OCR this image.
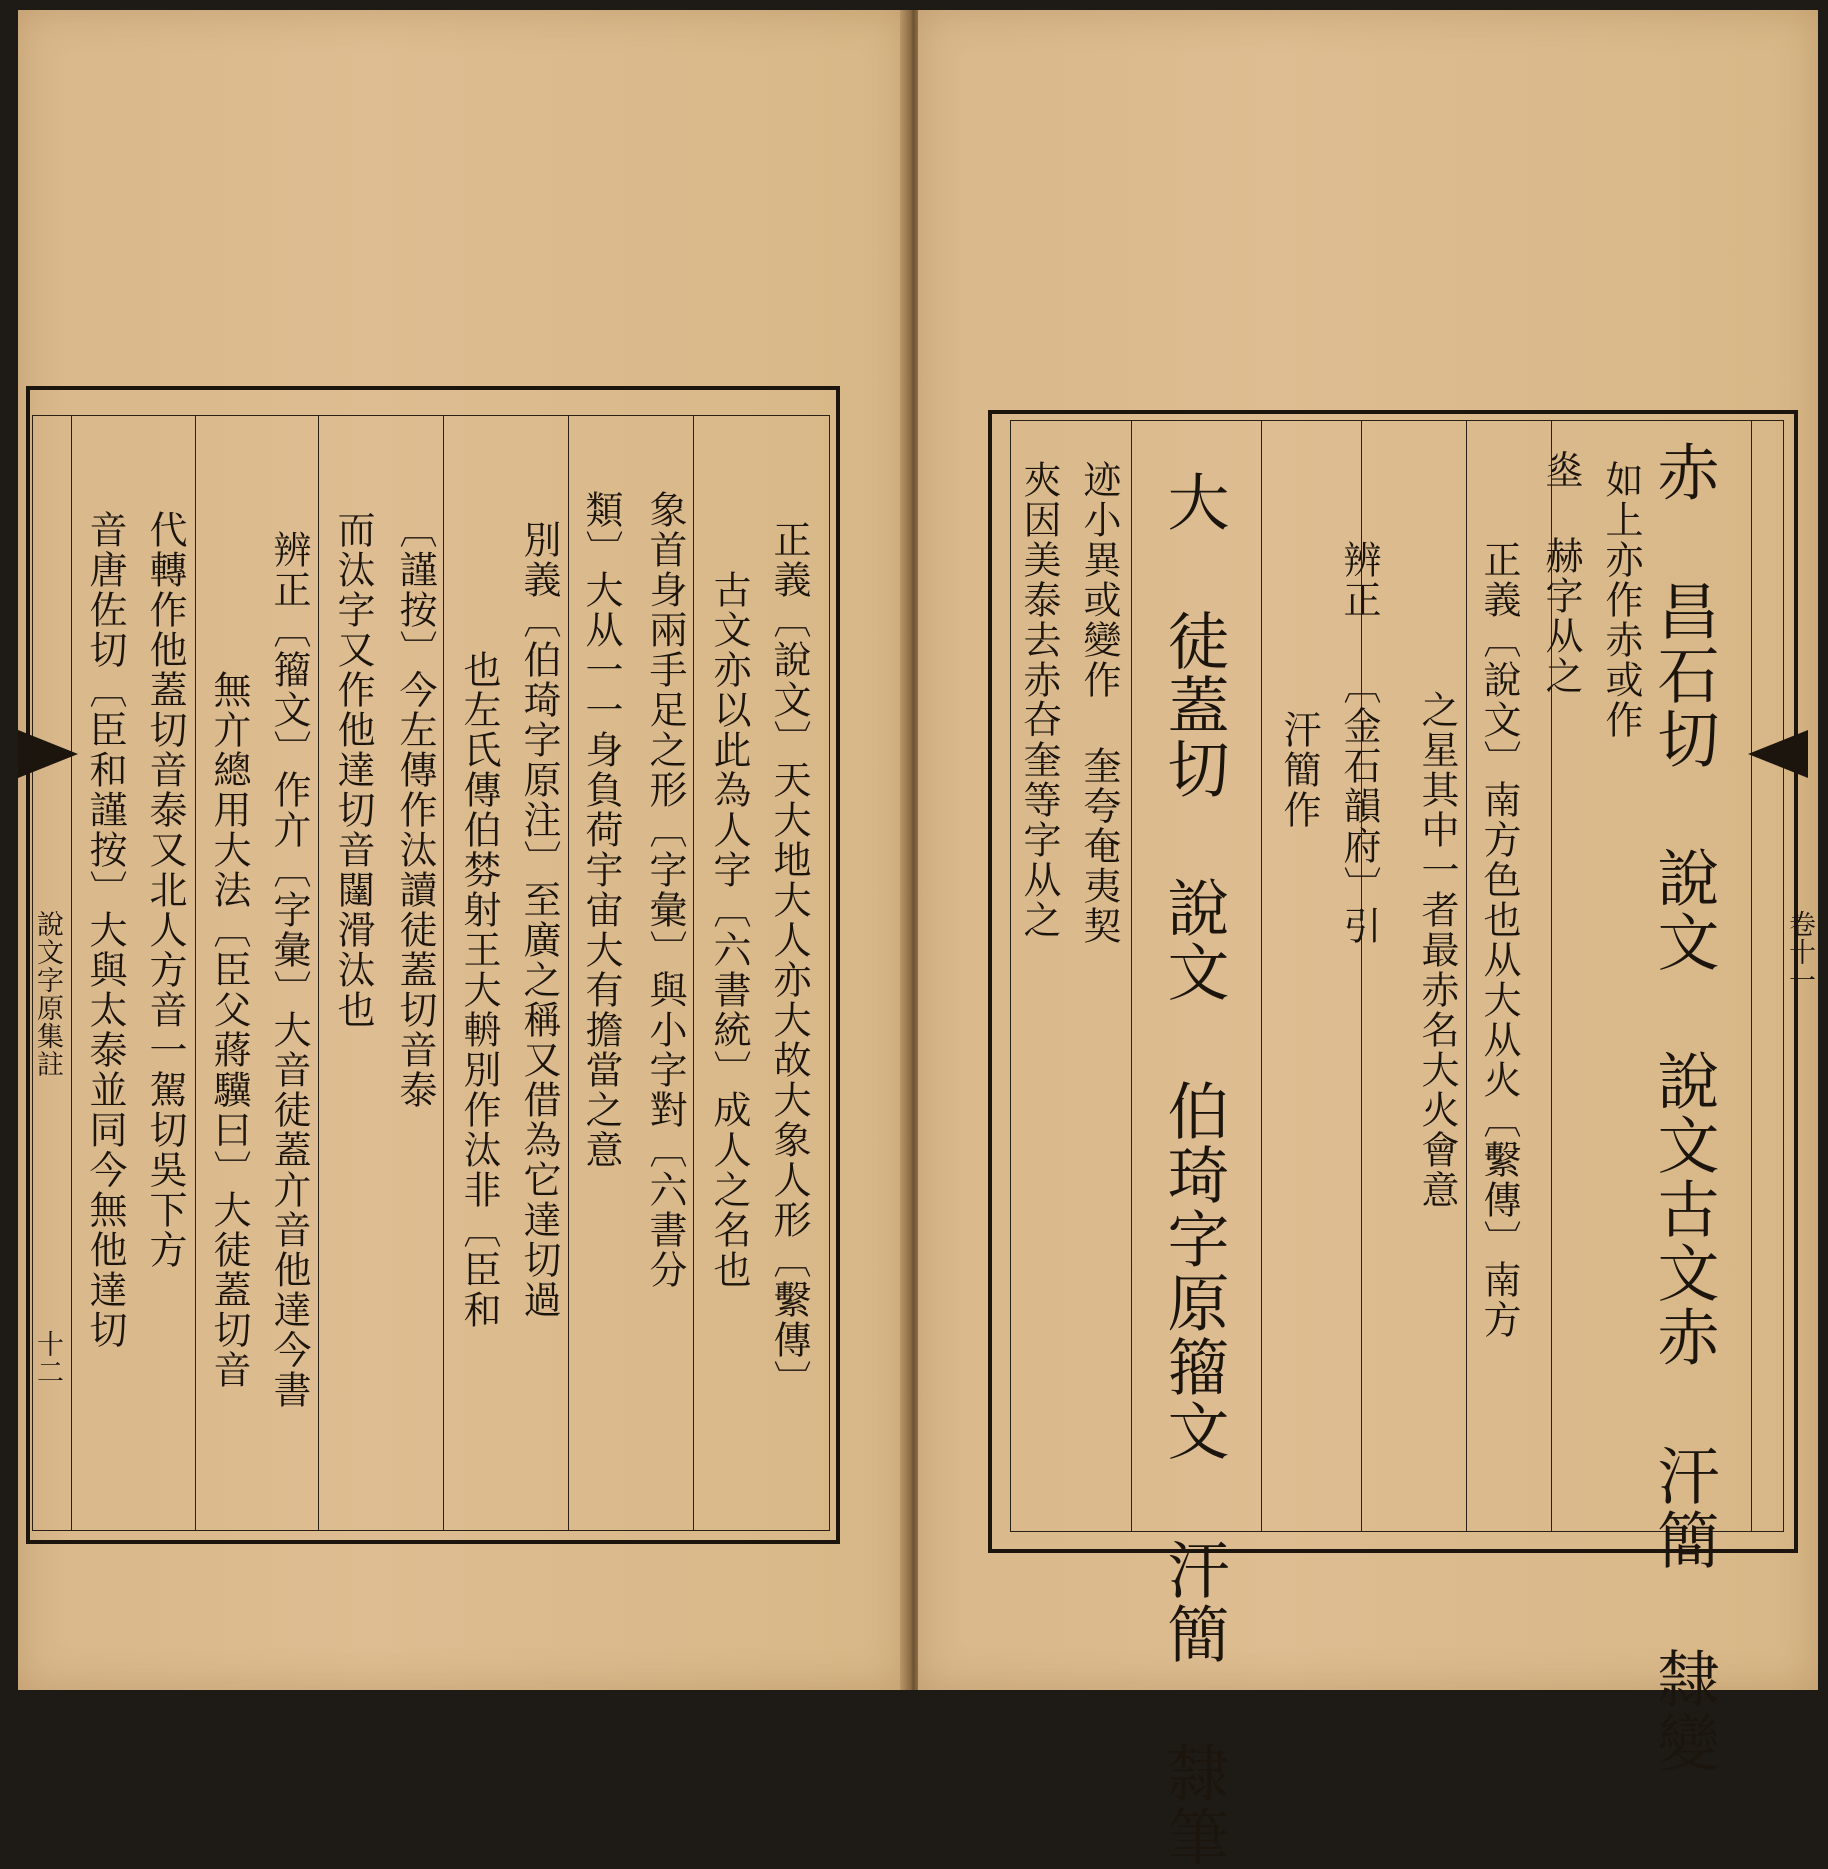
說文字原集註
十二	正義〔說文〕天大地大人亦大故大象人形〔繫傳〕
古文亦以此為人字〔六書統〕成人之名也
象首身兩手足之形〔字彙〕與小字對〔六書分
類〕大从一一身負荷宇宙大有擔當之意
別義〔伯琦字原注〕至廣之稱又借為它達切過
也左氏傳伯棼射王大輈別作汰非〔臣和
〔謹按〕今左傳作汰讀徒蓋切音泰
而汰字又作他達切音闥滑汰也
辨正〔籀文〕作亣〔字彙〕大音徒蓋亣音他達今書
無亣總用大法〔臣父蔣驥曰〕大徒蓋切音
代轉作他蓋切音泰又北人方音一駕切吳下方
音唐佐切〔臣和謹按〕大與太泰並同今無他達切	卷十一
赤 昌石切 說文 說文古文赤 汗簡 隸變
如上亦作赤或作
烾 赫字从之
正義〔說文〕南方色也从大从火〔繫傳〕南方
之星其中一者最赤名大火會意
辨正 〔金石韻府〕引
汗簡作
大 徒蓋切 說文 伯琦字原籀文 汗簡 隸筆
迹小異或變作 奎夸奄夷契
夾因美泰去赤夻奎等字从之
